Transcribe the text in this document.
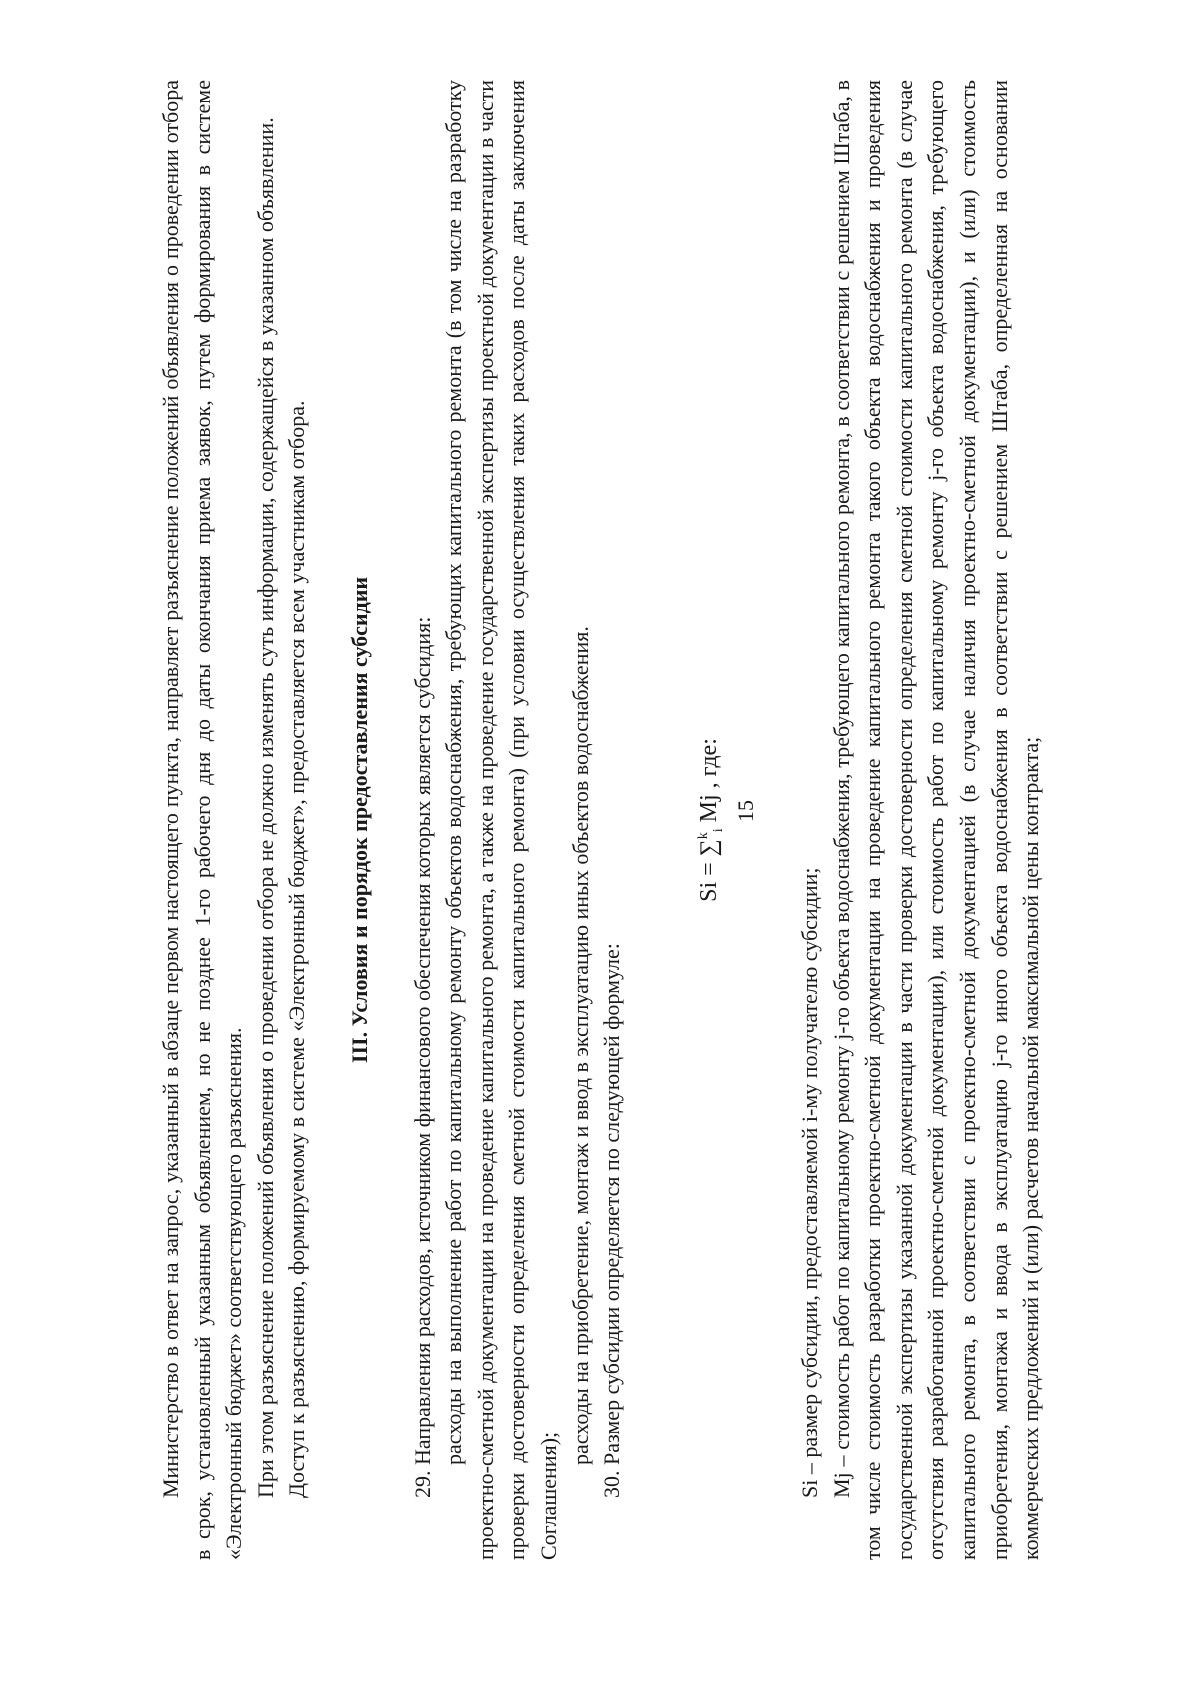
15

Министерство в ответ на запрос, указанный в абзаце первом настоящего пункта, направляет разъяснение положений объявления о проведении отбора в срок, установленный указанным объявлением, но не позднее 1-го рабочего дня до даты окончания приема заявок, путем формирования в системе «Электронный бюджет» соответствующего разъяснения. При этом разъяснение положений объявления о проведении отбора не должно изменять суть информации, содержащейся в указанном объявлении. Доступ к разъяснению, формируемому в системе «Электронный бюджет», предоставляется всем участникам отбора. III. Условия и порядок предоставления субсидии 29. Направления расходов, источником финансового обеспечения которых является субсидия: расходы на выполнение работ по капитальному ремонту объектов водоснабжения, требующих капитального ремонта (в том числе на разработку проектно-сметной документации на проведение капитального ремонта, а также на проведение государственной экспертизы проектной документации в части проверки достоверности определения сметной стоимости капитального ремонта) (при условии осуществления таких расходов после даты заключения Соглашения);

расходы на приобретение, монтаж и ввод в эксплуатацию иных объектов водоснабжения. 30. Размер субсидии определяется по следующей формуле:

Si = ∑$^k_i$ Mj , где:

Si – размер субсидии, предоставляемой i-му получателю субсидии; Mj – стоимость работ по капитальному ремонту j-го объекта водоснабжения, требующего капитального ремонта, в соответствии с решением Штаба, в том числе стоимость разработки проектно-сметной документации на проведение капитального ремонта такого объекта водоснабжения и проведения государственной экспертизы указанной документации в части проверки достоверности определения сметной стоимости капитального ремонта (в случае отсутствия разработанной проектно-сметной документации), или стоимость работ по капитальному ремонту j-го объекта водоснабжения, требующего капитального ремонта, в соответствии с проектно-сметной документацией (в случае наличия проектно-сметной документации), и (или) стоимость приобретения, монтажа и ввода в эксплуатацию j-го иного объекта водоснабжения в соответствии с решением Штаба, определенная на основании коммерческих предложений и (или) расчетов начальной максимальной цены контракта;
